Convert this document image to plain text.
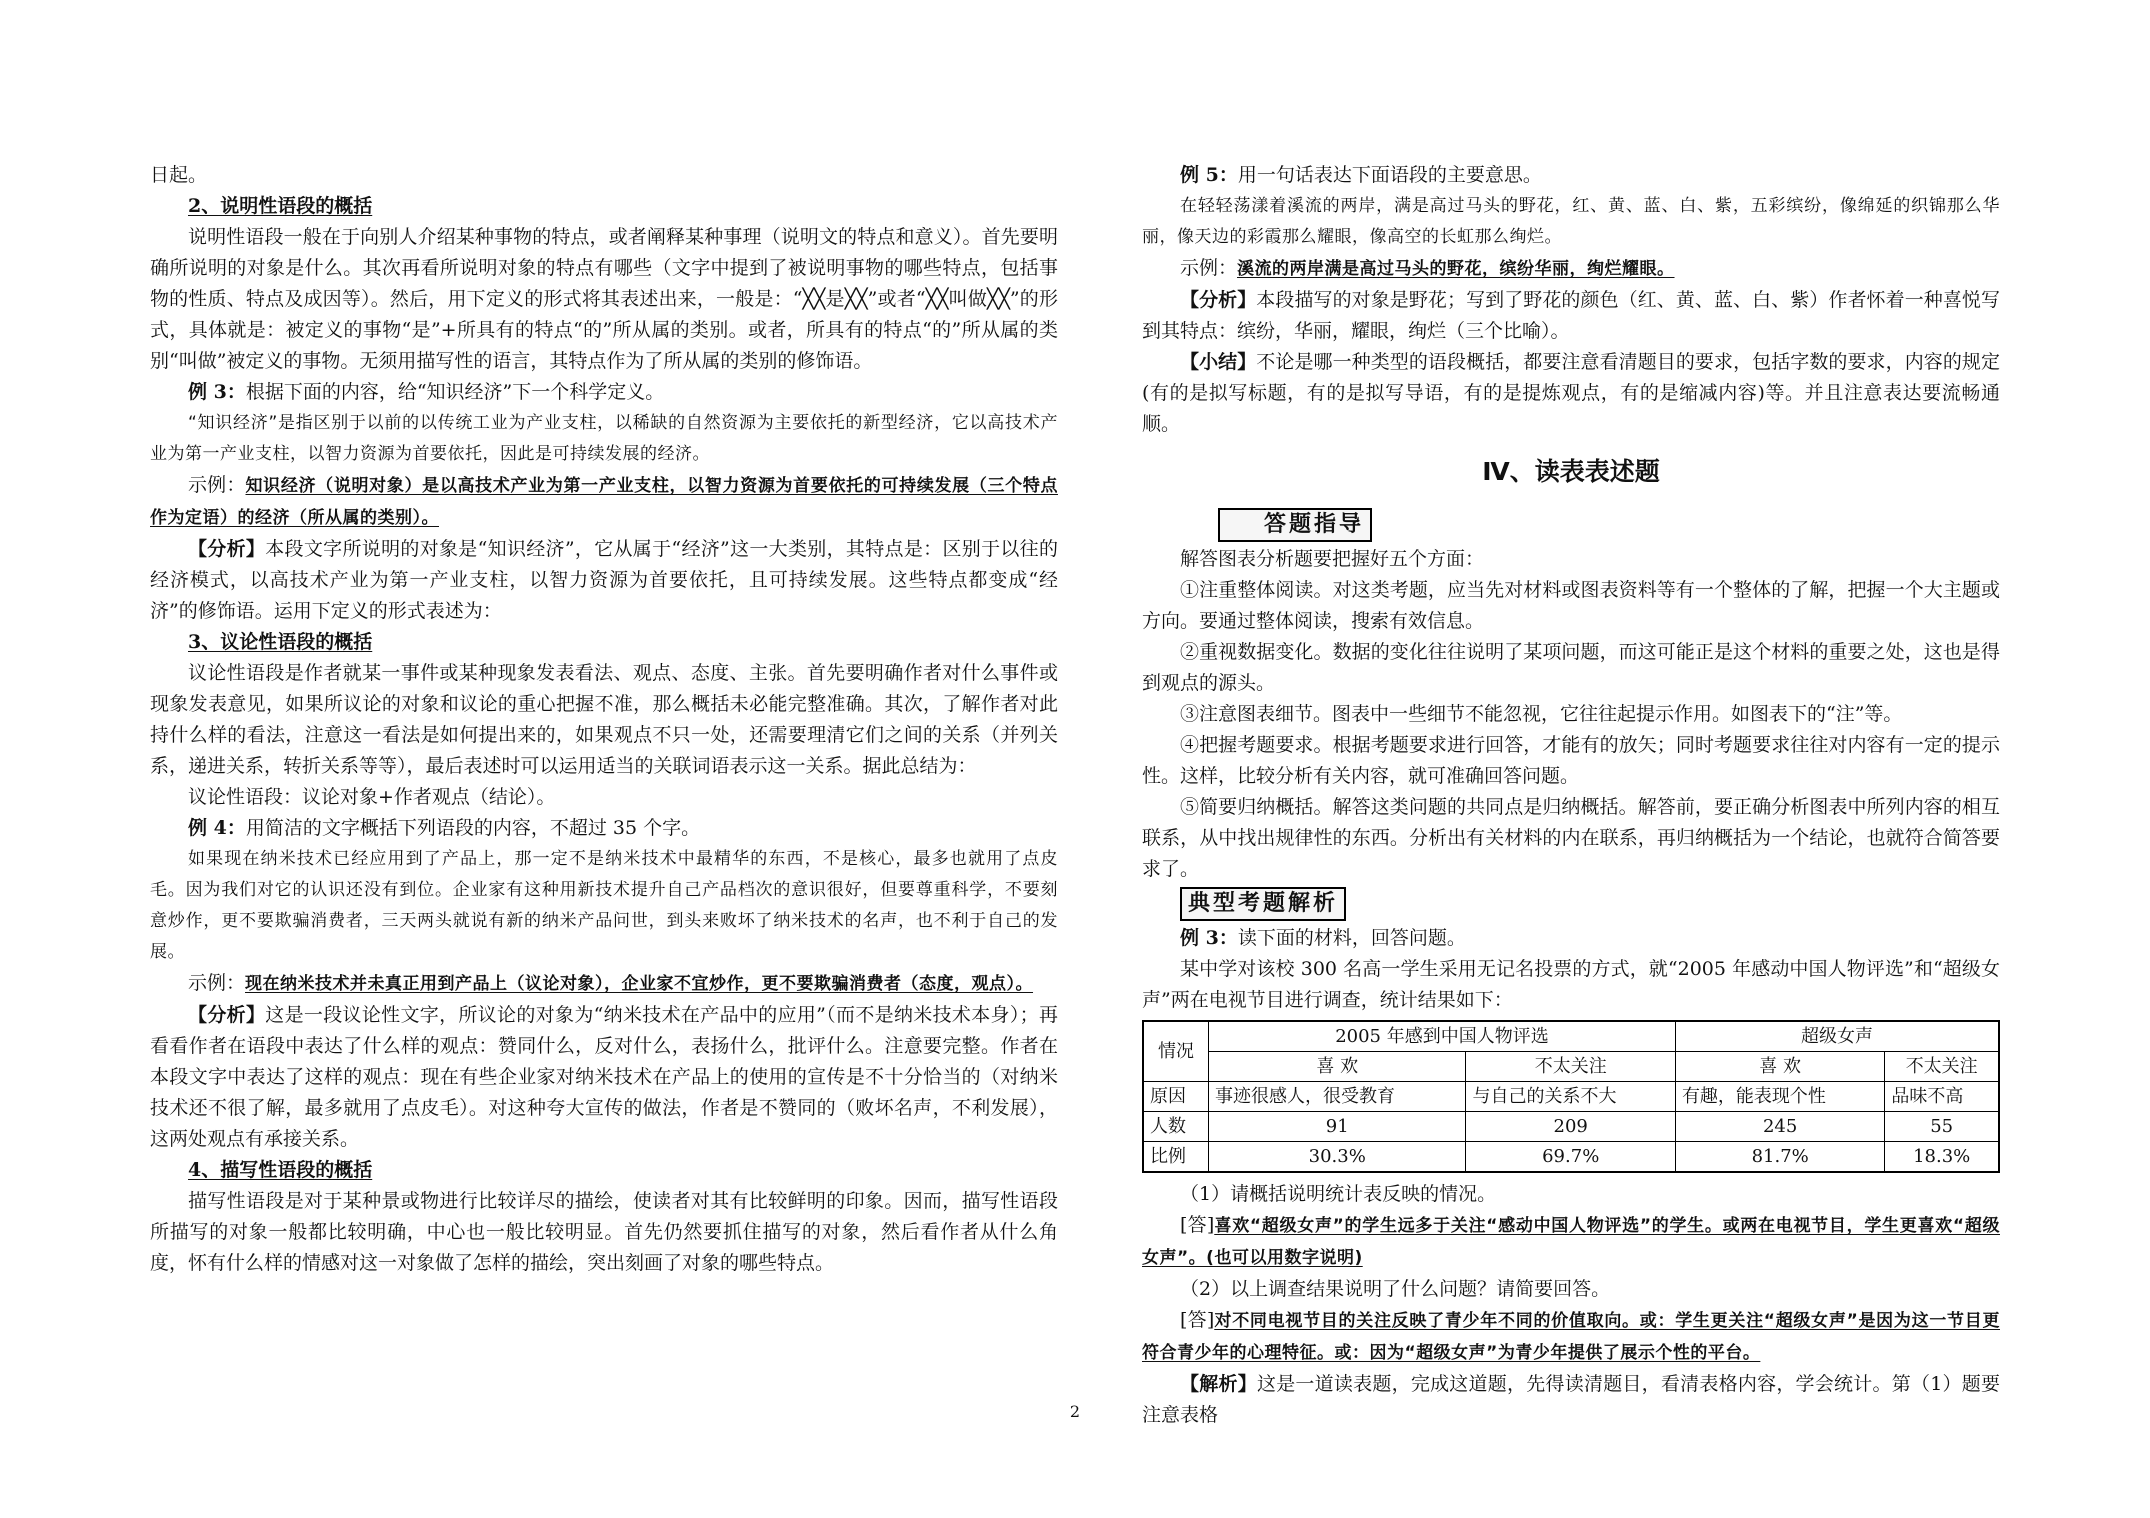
日起。

2、说明性语段的概括

说明性语段一般在于向别人介绍某种事物的特点，或者阐释某种事理（说明文的特点和意义）。首先要明确所说明的对象是什么。其次再看所说明对象的特点有哪些（文字中提到了被说明事物的哪些特点，包括事物的性质、特点及成因等）。然后，用下定义的形式将其表述出来，一般是：“╳╳是╳╳”或者“╳╳叫做╳╳”的形式，具体就是：被定义的事物“是”+所具有的特点“的”所从属的类别。或者，所具有的特点“的”所从属的类别“叫做”被定义的事物。无须用描写性的语言，其特点作为了所从属的类别的修饰语。

例 3：根据下面的内容，给“知识经济”下一个科学定义。

“知识经济”是指区别于以前的以传统工业为产业支柱，以稀缺的自然资源为主要依托的新型经济，它以高技术产业为第一产业支柱，以智力资源为首要依托，因此是可持续发展的经济。

示例：知识经济（说明对象）是以高技术产业为第一产业支柱，以智力资源为首要依托的可持续发展（三个特点作为定语）的经济（所从属的类别）。

【分析】本段文字所说明的对象是“知识经济”，它从属于“经济”这一大类别，其特点是：区别于以往的经济模式，以高技术产业为第一产业支柱，以智力资源为首要依托，且可持续发展。这些特点都变成“经济”的修饰语。运用下定义的形式表述为：

3、议论性语段的概括

议论性语段是作者就某一事件或某种现象发表看法、观点、态度、主张。首先要明确作者对什么事件或现象发表意见，如果所议论的对象和议论的重心把握不准，那么概括未必能完整准确。其次，了解作者对此持什么样的看法，注意这一看法是如何提出来的，如果观点不只一处，还需要理清它们之间的关系（并列关系，递进关系，转折关系等等），最后表述时可以运用适当的关联词语表示这一关系。据此总结为：

议论性语段：议论对象+作者观点（结论）。

例 4：用简洁的文字概括下列语段的内容，不超过 35 个字。

如果现在纳米技术已经应用到了产品上，那一定不是纳米技术中最精华的东西，不是核心，最多也就用了点皮毛。因为我们对它的认识还没有到位。企业家有这种用新技术提升自己产品档次的意识很好，但要尊重科学，不要刻意炒作，更不要欺骗消费者，三天两头就说有新的纳米产品问世，到头来败坏了纳米技术的名声，也不利于自己的发展。

示例：现在纳米技术并未真正用到产品上（议论对象），企业家不宜炒作，更不要欺骗消费者（态度，观点）。

【分析】这是一段议论性文字，所议论的对象为“纳米技术在产品中的应用”（而不是纳米技术本身）；再看看作者在语段中表达了什么样的观点：赞同什么，反对什么，表扬什么，批评什么。注意要完整。作者在本段文字中表达了这样的观点：现在有些企业家对纳米技术在产品上的使用的宣传是不十分恰当的（对纳米技术还不很了解，最多就用了点皮毛）。对这种夸大宣传的做法，作者是不赞同的（败坏名声，不利发展），这两处观点有承接关系。

4、描写性语段的概括

描写性语段是对于某种景或物进行比较详尽的描绘，使读者对其有比较鲜明的印象。因而，描写性语段所描写的对象一般都比较明确，中心也一般比较明显。首先仍然要抓住描写的对象，然后看作者从什么角度，怀有什么样的情感对这一对象做了怎样的描绘，突出刻画了对象的哪些特点。

例 5：用一句话表达下面语段的主要意思。

在轻轻荡漾着溪流的两岸，满是高过马头的野花，红、黄、蓝、白、紫，五彩缤纷，像绵延的织锦那么华丽，像天边的彩霞那么耀眼，像高空的长虹那么绚烂。

示例：溪流的两岸满是高过马头的野花，缤纷华丽，绚烂耀眼。

【分析】本段描写的对象是野花；写到了野花的颜色（红、黄、蓝、白、紫）作者怀着一种喜悦写到其特点：缤纷，华丽，耀眼，绚烂（三个比喻）。

【小结】不论是哪一种类型的语段概括，都要注意看清题目的要求，包括字数的要求，内容的规定(有的是拟写标题，有的是拟写导语，有的是提炼观点，有的是缩减内容)等。并且注意表达要流畅通顺。

Ⅳ、读表表述题
答题指导

解答图表分析题要把握好五个方面：

①注重整体阅读。对这类考题，应当先对材料或图表资料等有一个整体的了解，把握一个大主题或方向。要通过整体阅读，搜索有效信息。

②重视数据变化。数据的变化往往说明了某项问题，而这可能正是这个材料的重要之处，这也是得到观点的源头。

③注意图表细节。图表中一些细节不能忽视，它往往起提示作用。如图表下的“注”等。

④把握考题要求。根据考题要求进行回答，才能有的放矢；同时考题要求往往对内容有一定的提示性。这样，比较分析有关内容，就可准确回答问题。

⑤简要归纳概括。解答这类问题的共同点是归纳概括。解答前，要正确分析图表中所列内容的相互联系，从中找出规律性的东西。分析出有关材料的内在联系，再归纳概括为一个结论，也就符合简答要求了。

典型考题解析

例 3：读下面的材料，回答问题。

某中学对该校 300 名高一学生采用无记名投票的方式，就“2005 年感动中国人物评选”和“超级女声”两在电视节目进行调查，统计结果如下：

情况	2005 年感到中国人物评选		超级女声	
	喜 欢	不太关注	喜 欢	不太关注
原因	事迹很感人，很受教育	与自己的关系不大	有趣，能表现个性	品味不高
人数	91	209	245	55
比例	30.3%	69.7%	81.7%	18.3%

（1）请概括说明统计表反映的情况。

[答]喜欢“超级女声”的学生远多于关注“感动中国人物评选”的学生。或两在电视节目，学生更喜欢“超级女声”。(也可以用数字说明)

（2）以上调查结果说明了什么问题？请简要回答。

[答]对不同电视节目的关注反映了青少年不同的价值取向。或：学生更关注“超级女声”是因为这一节目更符合青少年的心理特征。或：因为“超级女声”为青少年提供了展示个性的平台。

【解析】这是一道读表题，完成这道题，先得读清题目，看清表格内容，学会统计。第（1）题要注意表格

2
